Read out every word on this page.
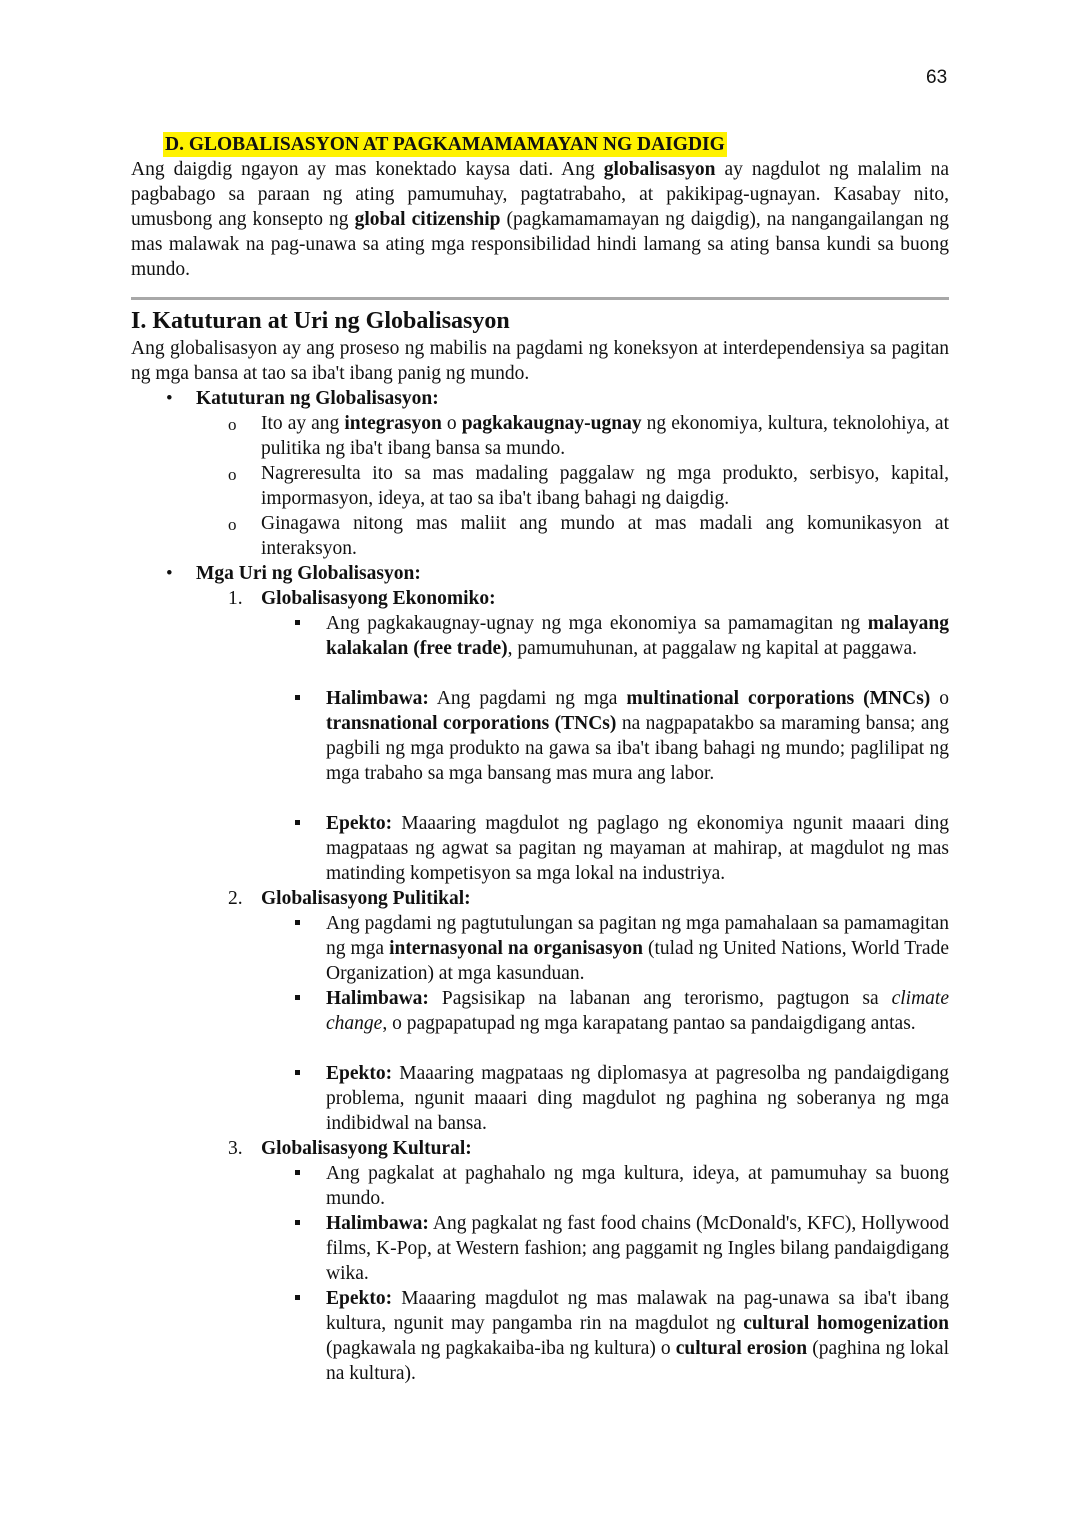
63
D. GLOBALISASYON AT PAGKAMAMAMAYAN NG DAIGDIG
Ang daigdig ngayon ay mas konektado kaysa dati. Ang globalisasyon ay nagdulot ng malalim na pagbabago sa paraan ng ating pamumuhay, pagtatrabaho, at pakikipag-ugnayan. Kasabay nito, umusbong ang konsepto ng global citizenship (pagkamamamayan ng daigdig), na nangangailangan ng mas malawak na pag-unawa sa ating mga responsibilidad hindi lamang sa ating bansa kundi sa buong mundo.
I. Katuturan at Uri ng Globalisasyon
Ang globalisasyon ay ang proseso ng mabilis na pagdami ng koneksyon at interdependensiya sa pagitan ng mga bansa at tao sa iba't ibang panig ng mundo.
• Katuturan ng Globalisasyon:
o Ito ay ang integrasyon o pagkakaugnay-ugnay ng ekonomiya, kultura, teknolohiya, at pulitika ng iba't ibang bansa sa mundo.
o Nagreresulta ito sa mas madaling paggalaw ng mga produkto, serbisyo, kapital, impormasyon, ideya, at tao sa iba't ibang bahagi ng daigdig.
o Ginagawa nitong mas maliit ang mundo at mas madali ang komunikasyon at interaksyon.
• Mga Uri ng Globalisasyon:
1. Globalisasyong Ekonomiko:
Ang pagkakaugnay-ugnay ng mga ekonomiya sa pamamagitan ng malayang kalakalan (free trade), pamumuhunan, at paggalaw ng kapital at paggawa.
Halimbawa: Ang pagdami ng mga multinational corporations (MNCs) o transnational corporations (TNCs) na nagpapatakbo sa maraming bansa; ang pagbili ng mga produkto na gawa sa iba't ibang bahagi ng mundo; paglilipat ng mga trabaho sa mga bansang mas mura ang labor.
Epekto: Maaaring magdulot ng paglago ng ekonomiya ngunit maaari ding magpataas ng agwat sa pagitan ng mayaman at mahirap, at magdulot ng mas matinding kompetisyon sa mga lokal na industriya.
2. Globalisasyong Pulitikal:
Ang pagdami ng pagtutulungan sa pagitan ng mga pamahalaan sa pamamagitan ng mga internasyonal na organisasyon (tulad ng United Nations, World Trade Organization) at mga kasunduan.
Halimbawa: Pagsisikap na labanan ang terorismo, pagtugon sa climate change, o pagpapatupad ng mga karapatang pantao sa pandaigdigang antas.
Epekto: Maaaring magpataas ng diplomasya at pagresolba ng pandaigdigang problema, ngunit maaari ding magdulot ng paghina ng soberanya ng mga indibidwal na bansa.
3. Globalisasyong Kultural:
Ang pagkalat at paghahalo ng mga kultura, ideya, at pamumuhay sa buong mundo.
Halimbawa: Ang pagkalat ng fast food chains (McDonald's, KFC), Hollywood films, K-Pop, at Western fashion; ang paggamit ng Ingles bilang pandaigdigang wika.
Epekto: Maaaring magdulot ng mas malawak na pag-unawa sa iba't ibang kultura, ngunit may pangamba rin na magdulot ng cultural homogenization (pagkawala ng pagkakaiba-iba ng kultura) o cultural erosion (paghina ng lokal na kultura).
